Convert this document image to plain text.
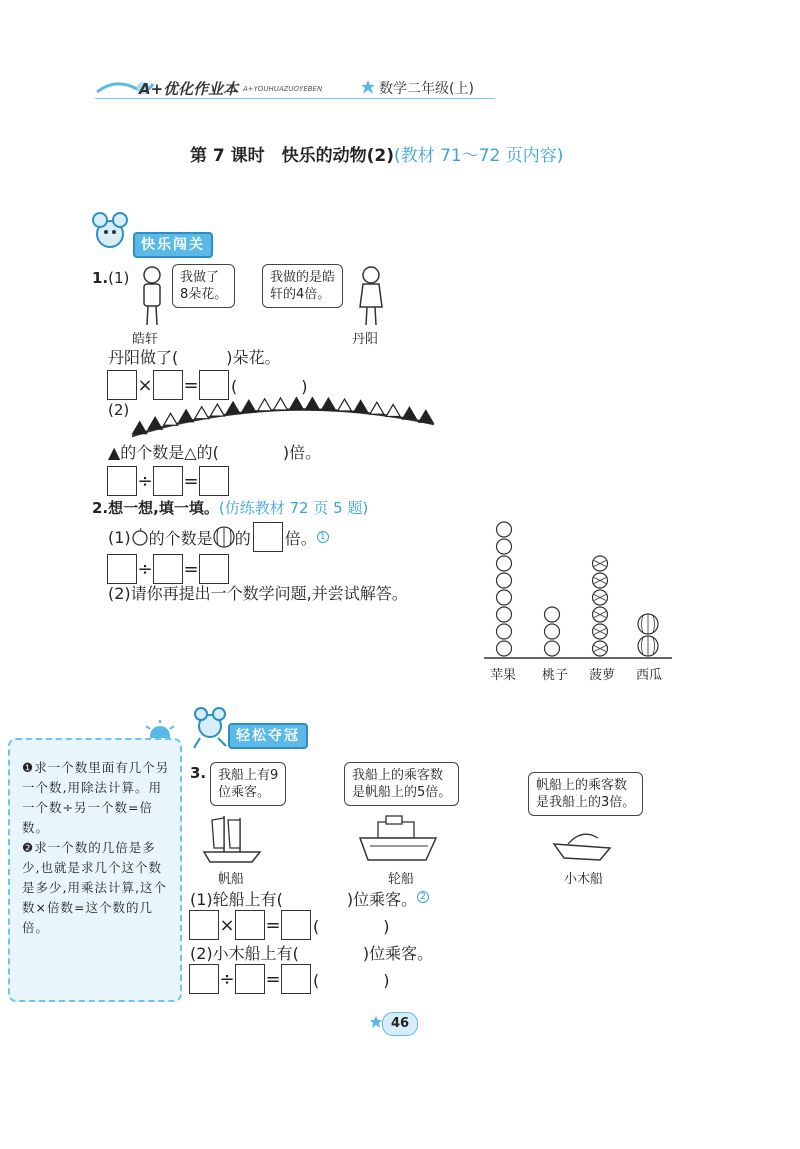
A+优化作业本 A+YOUHUAZUOYEBEN	数学二年级(上)
第 7 课时　快乐的动物(2)(教材 71～72 页内容)
快乐闯关
1.(1)	我做了
8朵花。
我做的是皓
轩的4倍。
皓轩	丹阳
丹阳做了(　　　)朵花。
× = (　　　　)
(2)
▲的个数是△的(　　　　)倍。
÷ =
2.想一想,填一填。(仿练教材 72 页 5 题)
(1) 的个数是 的 倍。 1
÷ =
(2)请你再提出一个数学问题,并尝试解答。
苹果 桃子 菠萝 西瓜
轻松夺冠

❶求一个数里面有几个另一个数,用除法计算。用一个数÷另一个数=倍数。

❷求一个数的几倍是多少,也就是求几个这个数是多少,用乘法计算,这个数×倍数=这个数的几倍。

3. 我船上有9
位乘客。
我船上的乘客数
是帆船上的5倍。	帆船上的乘客数
是我船上的3倍。
帆船	轮船	小木船
(1)轮船上有(　　　　)位乘客。 2
× = (　　　　)
(2)小木船上有(　　　　)位乘客。
÷ = (　　　　)
46
